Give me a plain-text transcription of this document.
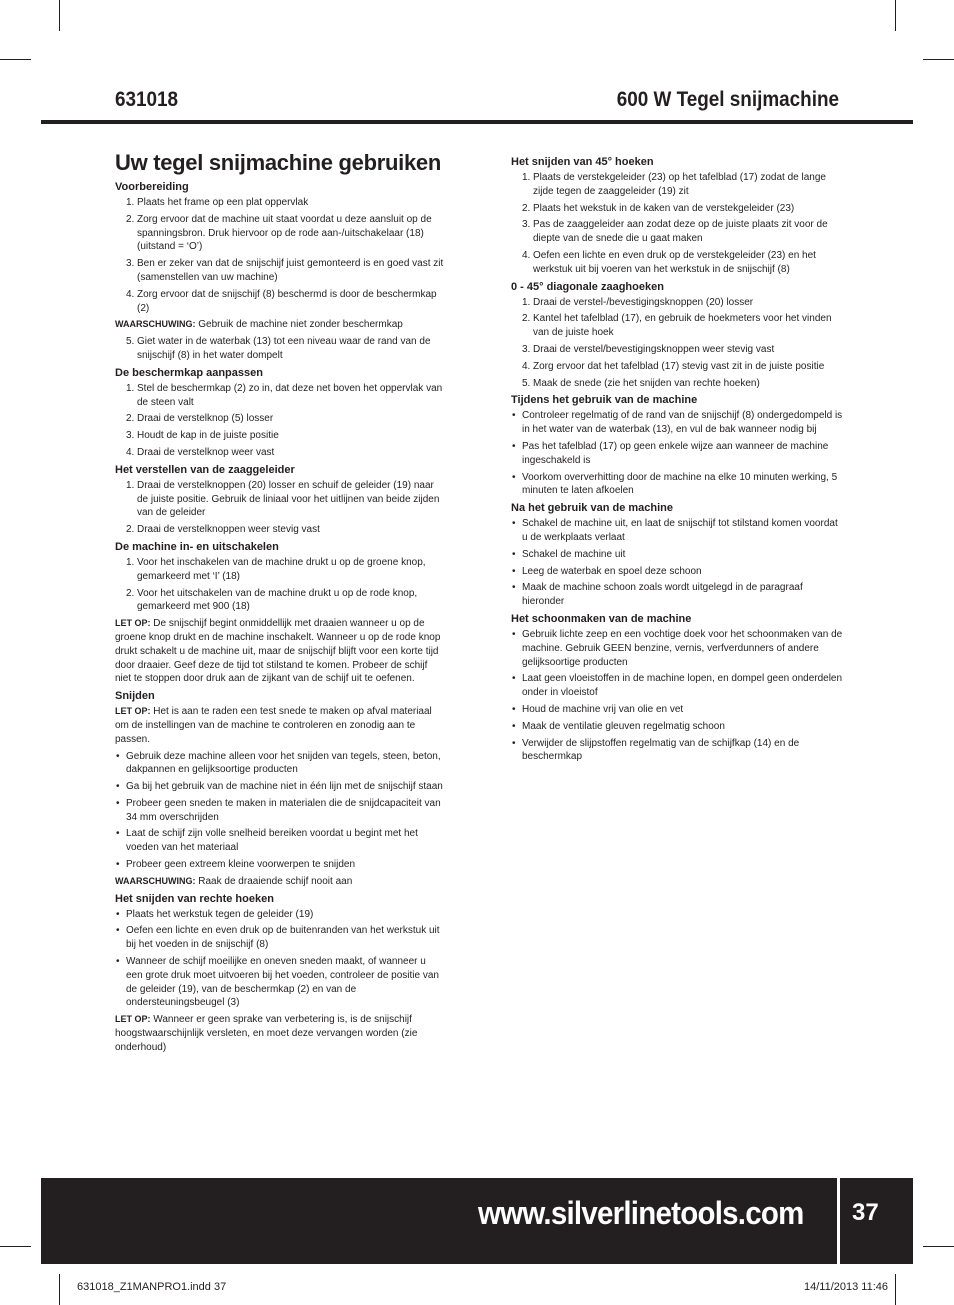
631018	600 W Tegel snijmachine
Uw tegel snijmachine gebruiken
Voorbereiding
1. Plaats het frame op een plat oppervlak
2. Zorg ervoor dat de machine uit staat voordat u deze aansluit op de spanningsbron. Druk hiervoor op de rode aan-/uitschakelaar (18) (uitstand = ‘O’)
3. Ben er zeker van dat de snijschijf juist gemonteerd is en goed vast zit (samenstellen van uw machine)
4. Zorg ervoor dat de snijschijf (8) beschermd is door de beschermkap (2)

WAARSCHUWING: Gebruik de machine niet zonder beschermkap

5. Giet water in de waterbak (13) tot een niveau waar de rand van de snijschijf (8) in het water dompelt
De beschermkap aanpassen
1. Stel de beschermkap (2) zo in, dat deze net boven het oppervlak van de steen valt
2. Draai de verstelknop (5) losser
3. Houdt de kap in de juiste positie
4. Draai de verstelknop weer vast
Het verstellen van de zaaggeleider
1. Draai de verstelknoppen (20) losser en schuif de geleider (19) naar de juiste positie. Gebruik de liniaal voor het uitlijnen van beide zijden van de geleider
2. Draai de verstelknoppen weer stevig vast
De machine in- en uitschakelen
1. Voor het inschakelen van de machine drukt u op de groene knop, gemarkeerd met ‘I’ (18)
2. Voor het uitschakelen van de machine drukt u op de rode knop, gemarkeerd met 900 (18)

LET OP: De snijschijf begint onmiddellijk met draaien wanneer u op de groene knop drukt en de machine inschakelt. Wanneer u op de rode knop drukt schakelt u de machine uit, maar de snijschijf blijft voor een korte tijd door draaier. Geef deze de tijd tot stilstand te komen. Probeer de schijf niet te stoppen door druk aan de zijkant van de schijf uit te oefenen.

Snijden

LET OP: Het is aan te raden een test snede te maken op afval materiaal om de instellingen van de machine te controleren en zonodig aan te passen.

• Gebruik deze machine alleen voor het snijden van tegels, steen, beton, dakpannen en gelijksoortige producten
• Ga bij het gebruik van de machine niet in één lijn met de snijschijf staan
• Probeer geen sneden te maken in materialen die de snijdcapaciteit van 34 mm overschrijden
• Laat de schijf zijn volle snelheid bereiken voordat u begint met het voeden van het materiaal
• Probeer geen extreem kleine voorwerpen te snijden

WAARSCHUWING: Raak de draaiende schijf nooit aan

Het snijden van rechte hoeken
• Plaats het werkstuk tegen de geleider (19)
• Oefen een lichte en even druk op de buitenranden van het werkstuk uit bij het voeden in de snijschijf (8)
• Wanneer de schijf moeilijke en oneven sneden maakt, of wanneer u een grote druk moet uitvoeren bij het voeden, controleer de positie van de geleider (19), van de beschermkap (2) en van de ondersteuningsbeugel (3)

LET OP: Wanneer er geen sprake van verbetering is, is de snijschijf hoogstwaarschijnlijk versleten, en moet deze vervangen worden (zie onderhoud)

Het snijden van 45° hoeken
1. Plaats de verstekgeleider (23) op het tafelblad (17) zodat de lange zijde tegen de zaaggeleider (19) zit
2. Plaats het wekstuk in de kaken van de verstekgeleider (23)
3. Pas de zaaggeleider aan zodat deze op de juiste plaats zit voor de diepte van de snede die u gaat maken
4. Oefen een lichte en even druk op de verstekgeleider (23) en het werkstuk uit bij voeren van het werkstuk in de snijschijf (8)
0 - 45° diagonale zaaghoeken
1. Draai de verstel-/bevestigingsknoppen (20) losser
2. Kantel het tafelblad (17), en gebruik de hoekmeters voor het vinden van de juiste hoek
3. Draai de verstel/bevestigingsknoppen weer stevig vast
4. Zorg ervoor dat het tafelblad (17) stevig vast zit in de juiste positie
5. Maak de snede (zie het snijden van rechte hoeken)
Tijdens het gebruik van de machine
• Controleer regelmatig of de rand van de snijschijf (8) ondergedompeld is in het water van de waterbak (13), en vul de bak wanneer nodig bij
• Pas het tafelblad (17) op geen enkele wijze aan wanneer de machine ingeschakeld is
• Voorkom oververhitting door de machine na elke 10 minuten werking, 5 minuten te laten afkoelen
Na het gebruik van de machine
• Schakel de machine uit, en laat de snijschijf tot stilstand komen voordat u de werkplaats verlaat
• Schakel de machine uit
• Leeg de waterbak en spoel deze schoon
• Maak de machine schoon zoals wordt uitgelegd in de paragraaf hieronder
Het schoonmaken van de machine
• Gebruik lichte zeep en een vochtige doek voor het schoonmaken van de machine. Gebruik GEEN benzine, vernis, verfverdunners of andere gelijksoortige producten
• Laat geen vloeistoffen in de machine lopen, en dompel geen onderdelen onder in vloeistof
• Houd de machine vrij van olie en vet
• Maak de ventilatie gleuven regelmatig schoon
• Verwijder de slijpstoffen regelmatig van de schijfkap (14) en de beschermkap
www.silverlinetools.com 37
631018_Z1MANPRO1.indd 37	14/11/2013 11:46
